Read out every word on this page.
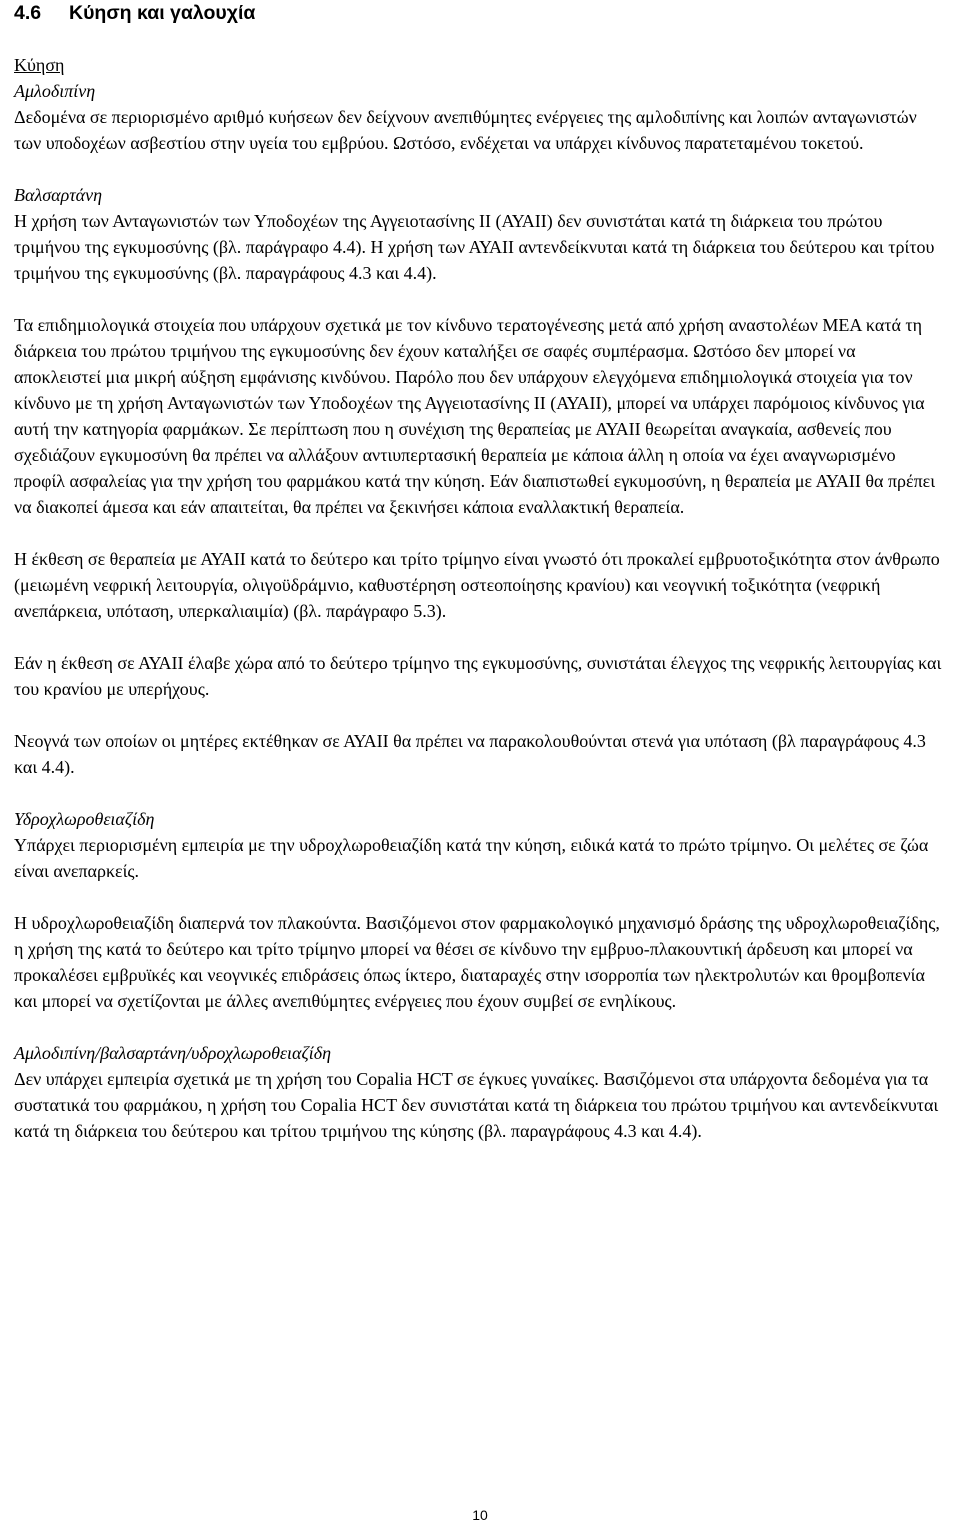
4.6 Κύηση και γαλουχία

Κύηση

Αμλοδιπίνη

Δεδομένα σε περιορισμένο αριθμό κυήσεων δεν δείχνουν ανεπιθύμητες ενέργειες της αμλοδιπίνης και λοιπών ανταγωνιστών των υποδοχέων ασβεστίου στην υγεία του εμβρύου. Ωστόσο, ενδέχεται να υπάρχει κίνδυνος παρατεταμένου τοκετού.

Βαλσαρτάνη

Η χρήση των Ανταγωνιστών των Υποδοχέων της Αγγειοτασίνης ΙΙ (ΑΥΑΙΙ) δεν συνιστάται κατά τη διάρκεια του πρώτου τριμήνου της εγκυμοσύνης (βλ. παράγραφο 4.4). Η χρήση των ΑΥΑΙΙ αντενδείκνυται κατά τη διάρκεια του δεύτερου και τρίτου τριμήνου της εγκυμοσύνης (βλ. παραγράφους 4.3 και 4.4).

Τα επιδημιολογικά στοιχεία που υπάρχουν σχετικά με τον κίνδυνο τερατογένεσης μετά από χρήση αναστολέων ΜΕΑ κατά τη διάρκεια του πρώτου τριμήνου της εγκυμοσύνης δεν έχουν καταλήξει σε σαφές συμπέρασμα. Ωστόσο δεν μπορεί να αποκλειστεί μια μικρή αύξηση εμφάνισης κινδύνου. Παρόλο που δεν υπάρχουν ελεγχόμενα επιδημιολογικά στοιχεία για τον κίνδυνο με τη χρήση Ανταγωνιστών των Υποδοχέων της Αγγειοτασίνης ΙΙ (ΑΥΑΙΙ), μπορεί να υπάρχει παρόμοιος κίνδυνος για αυτή την κατηγορία φαρμάκων. Σε περίπτωση που η συνέχιση της θεραπείας με ΑΥΑΙΙ θεωρείται αναγκαία, ασθενείς που σχεδιάζουν εγκυμοσύνη θα πρέπει να αλλάξουν αντιυπερτασική θεραπεία με κάποια άλλη η οποία να έχει αναγνωρισμένο προφίλ ασφαλείας για την χρήση του φαρμάκου κατά την κύηση. Εάν διαπιστωθεί εγκυμοσύνη, η θεραπεία με ΑΥΑΙΙ θα πρέπει να διακοπεί άμεσα και εάν απαιτείται, θα πρέπει να ξεκινήσει κάποια εναλλακτική θεραπεία.

Η έκθεση σε θεραπεία με ΑΥΑΙΙ κατά το δεύτερο και τρίτο τρίμηνο είναι γνωστό ότι προκαλεί εμβρυοτοξικότητα στον άνθρωπο (μειωμένη νεφρική λειτουργία, ολιγοϋδράμνιο, καθυστέρηση οστεοποίησης κρανίου) και νεογνική τοξικότητα (νεφρική ανεπάρκεια, υπόταση, υπερκαλιαιμία) (βλ. παράγραφο 5.3).

Εάν η έκθεση σε ΑΥΑΙΙ έλαβε χώρα από το δεύτερο τρίμηνο της εγκυμοσύνης, συνιστάται έλεγχος της νεφρικής λειτουργίας και του κρανίου με υπερήχους.

Νεογνά των οποίων οι μητέρες εκτέθηκαν σε ΑΥΑΙΙ θα πρέπει να παρακολουθούνται στενά για υπόταση (βλ παραγράφους 4.3 και 4.4).

Υδροχλωροθειαζίδη

Υπάρχει περιορισμένη εμπειρία με την υδροχλωροθειαζίδη κατά την κύηση, ειδικά κατά το πρώτο τρίμηνο. Οι μελέτες σε ζώα είναι ανεπαρκείς.

Η υδροχλωροθειαζίδη διαπερνά τον πλακούντα. Βασιζόμενοι στον φαρμακολογικό μηχανισμό δράσης της υδροχλωροθειαζίδης, η χρήση της κατά το δεύτερο και τρίτο τρίμηνο μπορεί να θέσει σε κίνδυνο την εμβρυο-πλακουντική άρδευση και μπορεί να προκαλέσει εμβρυϊκές και νεογνικές επιδράσεις όπως ίκτερο, διαταραχές στην ισορροπία των ηλεκτρολυτών και θρομβοπενία και μπορεί να σχετίζονται με άλλες ανεπιθύμητες ενέργειες που έχουν συμβεί σε ενηλίκους.

Αμλοδιπίνη/βαλσαρτάνη/υδροχλωροθειαζίδη

Δεν υπάρχει εμπειρία σχετικά με τη χρήση του Copalia HCT σε έγκυες γυναίκες. Βασιζόμενοι στα υπάρχοντα δεδομένα για τα συστατικά του φαρμάκου, η χρήση του Copalia HCT δεν συνιστάται κατά τη διάρκεια του πρώτου τριμήνου και αντενδείκνυται κατά τη διάρκεια του δεύτερου και τρίτου τριμήνου της κύησης (βλ. παραγράφους 4.3 και 4.4).

10
